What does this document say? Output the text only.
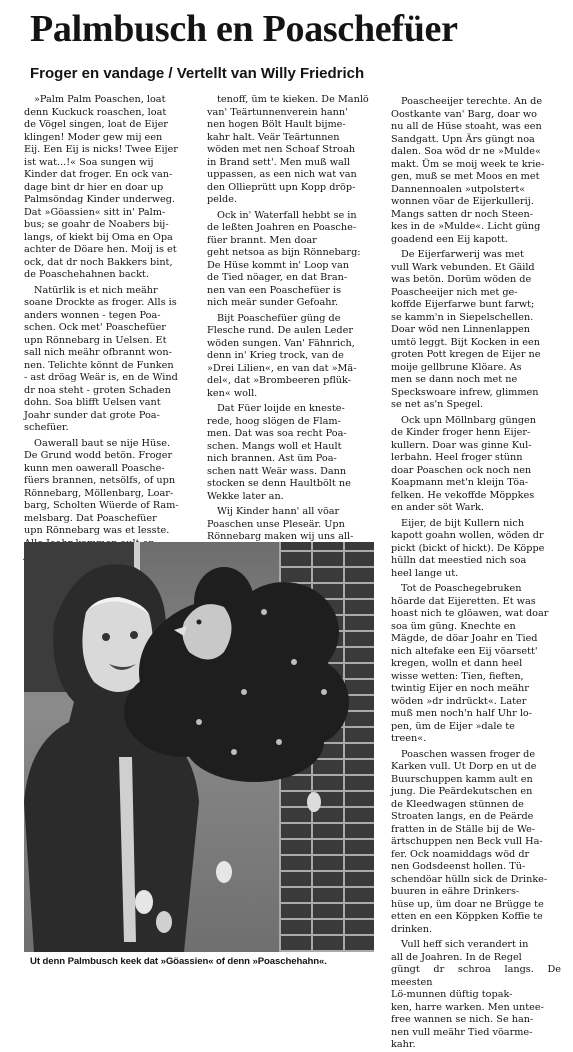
Palmbusch en Poaschefüer
Froger en vandage / Vertellt van Willy Friedrich

»Palm Palm Poaschen, loat
denn Kuckuck roaschen, loat
de Vögel singen, loat de Eijer
klingen! Moder gew mij een
Eij. Een Eij is nicks! Twee Eijer
ist wat...!« Soa sungen wij
Kinder dat froger. En ock van-
dage bint dr hier en doar up
Palmsöndag Kinder underweg.
Dat »Göassien« sitt in' Palm-
bus; se goahr de Noabers bij-
langs, of kiekt bij Oma en Opa
achter de Döare hen. Moij is et
ock, dat dr noch Bakkers bint,
de Poaschehahnen backt.

Natürlik is et nich meähr
soane Drockte as froger. Alls is
anders wonnen - tegen Poa-
schen. Ock met' Poaschefüer
upn Rönnebarg in Uelsen. Et
sall nich meähr ofbrannt won-
nen. Telichte könnt de Funken
- ast dröag Weär is, en de Wind
dr noa steht - groten Schaden
dohn. Soa blifft Uelsen vant
Joahr sunder dat grote Poa-
schefüer.

Oawerall baut se nije Hüse.
De Grund wodd betön. Froger
kunn men oawerall Poasche-
füers brannen, netsölfs, of upn
Rönnebarg, Möllenbarg, Loar-
barg, Scholten Wüerde of Ram-
melsbarg. Dat Poaschefüer
upn Rönnebarg was et lesste.

tenoff, üm te kieken. De Manlö
van' Teärtunnenverein hann'
nen hogen Bölt Hault bijme-
kahr halt. Veär Teärtunnen
wöden met nen Schoaf Stroah
in Brand sett'. Men muß wall
uppassen, as een nich wat van
den Ollieprütt upn Kopp dröp-
pelde.

Ock in' Waterfall hebbt se in
de leßten Joahren en Poasche-
füer brannt. Men doar
geht netsoa as bijn Rönnebarg:
De Hüse kommt in' Loop van
de Tied nöager, en dat Bran-
nen van een Poaschefüer is
nich meär sunder Gefoahr.

Bijt Poaschefüer güng de
Flesche rund. De aulen Leder
wöden sungen. Van' Fähnrich,
denn in' Krieg trock, van de
»Drei Lilien«, en van dat »Mä-
del«, dat »Brombeeren pflük-
ken« woll.

Dat Füer loijde en kneste-
rede, hoog slögen de Flam-
men. Dat was soa recht Poa-
schen. Mangs woll et Hault
nich brannen. Ast üm Poa-
schen natt Weär wass. Dann
stocken se denn Haultbölt ne
Wekke later an.

Wij Kinder hann' all vöar
Poaschen unse Pleseär. Upn
Rönnebarg maken wij uns all-

Poascheeijer terechte. An de
Oostkante van' Barg, doar wo
nu all de Hüse stoaht, was een
Sandgatt. Upn Ärs güngt noa
dalen. Soa wöd dr ne »Mulde«
makt. Üm se moij week te krie-
gen, muß se met Moos en met
Dannennoalen »utpolstert«
wonnen vöar de Eijerkullerij.
Mangs satten dr noch Steen-
kes in de »Mulde«. Licht güng
goadend een Eij kapott.

De Eijerfarwerij was met
vull Wark vebunden. Et Gäild
was betön. Dorüm wöden de
Poascheeijer nich met ge-
koffde Eijerfarwe bunt farwt;
se kamm'n in Siepelschellen.
Doar wöd nen Linnenlappen
umtö leggt. Bijt Kocken in een
groten Pott kregen de Eijer ne
moije gellbrune Klöare. As
men se dann noch met ne
Speckswoare infrew, glimmen
se net as'n Spegel.

Ock upn Möllnbarg güngen
de Kinder froger henn Eijer-
kullern. Doar was ginne Kul-
lerbahn. Heel froger stünn
doar Poaschen ock noch nen
Koapmann met'n kleijn Töa-
felken. He vekoffde Möppkes
en ander söt Wark.

Eijer, de bijt Kullern nich
kapott goahn wollen, wöden dr
pickt (bickt of hickt). De Köppe
hülln dat meestied nich soa
heel lange ut.

Tot de Poaschegebruken
höarde dat Eijeretten. Et was
hoast nich te glöawen, wat doar
soa üm güng. Knechte en
Mägde, de döar Joahr en Tied
nich altefake een Eij vöarsett'
kregen, wolln et dann heel
wisse wetten: Tien, fieften,
twintig Eijer en noch meähr
wöden »dr indrückt«. Later
muß men noch'n half Uhr lo-
pen, üm de Eijer »dale te
treen«.

Poaschen wassen froger de
Karken vull. Ut Dorp en ut de
Buurschuppen kamm ault en
jung. Die Peärdekutschen en
de Kleedwagen stünnen de
Stroaten langs, en de Peärde
fratten in de Ställe bij de We-
ärtschuppen nen Beck vull Ha-
fer. Ock noamiddags wöd dr
nen Godsdeenst hollen. Tü-
schendöar hülln sick de Drinke-
buuren in eähre Drinkers-
hüse up, üm doar ne Brügge te
etten en een Köppken Koffie te
drinken.

Vull heff sich verandert in
all de Joahren. In de Regel
güngt dr schroa langs. De meesten
Lö-munnen düftig topak-
ken, harre warken. Men untee-
free wannen se nich. Se han-
nen vull meähr Tied vöarme-
kahr.

Ut denn Palmbusch keek dat »Göassien« of denn »Poaschehahn«.
